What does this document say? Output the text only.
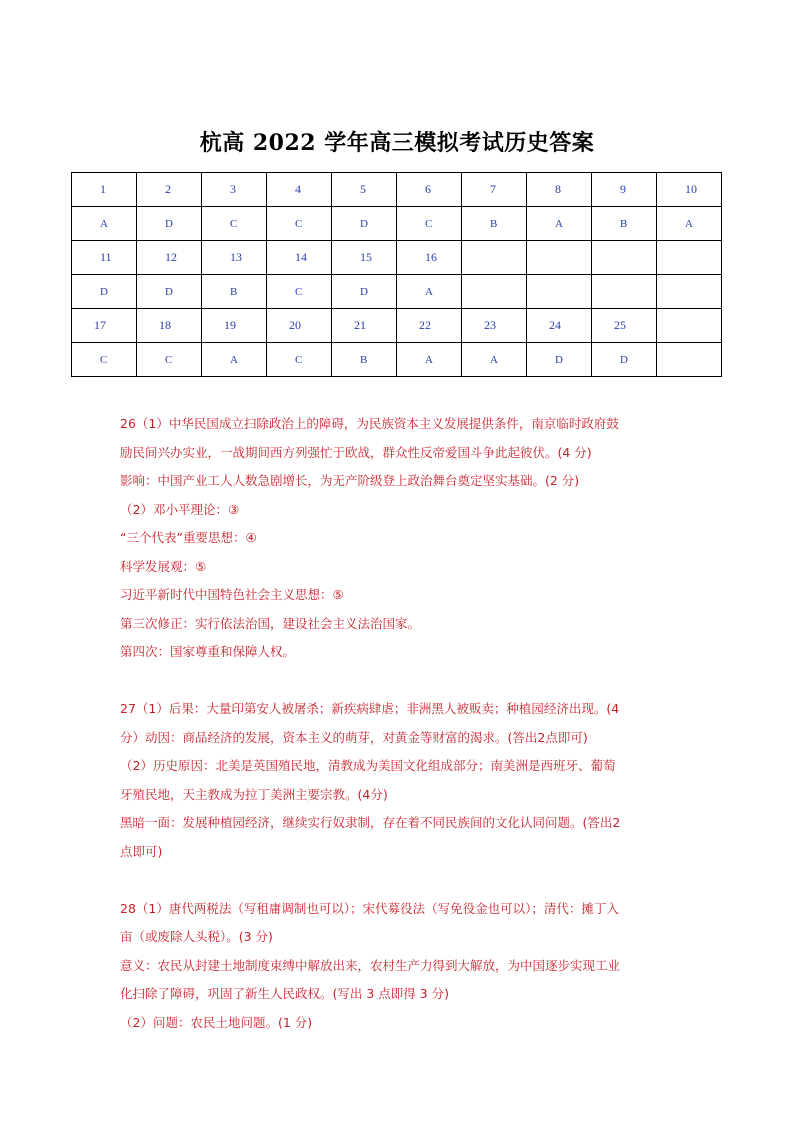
杭高 2022 学年高三模拟考试历史答案
1	2	3	4	5	6	7	8	9	10
A	D	C	C	D	C	B	A	B	A
11	12	13	14	15	16				
D	D	B	C	D	A				
17	18	19	20	21	22	23	24	25	
C	C	A	C	B	A	A	D	D	

26（1）中华民国成立扫除政治上的障碍，为民族资本主义发展提供条件，南京临时政府鼓

励民间兴办实业，一战期间西方列强忙于欧战，群众性反帝爱国斗争此起彼伏。(4 分)

影响：中国产业工人人数急剧增长，为无产阶级登上政治舞台奠定坚实基础。(2 分)

（2）邓小平理论：③

“三个代表”重要思想：④

科学发展观：⑤

习近平新时代中国特色社会主义思想：⑤

第三次修正：实行依法治国，建设社会主义法治国家。

第四次：国家尊重和保障人权。

27（1）后果：大量印第安人被屠杀；新疾病肆虐；非洲黑人被贩卖；种植园经济出现。(4

分）动因：商品经济的发展，资本主义的萌芽，对黄金等财富的渴求。(答出2点即可)

（2）历史原因：北美是英国殖民地，清教成为美国文化组成部分；南美洲是西班牙、葡萄

牙殖民地，天主教成为拉丁美洲主要宗教。(4分)

黑暗一面：发展种植园经济，继续实行奴隶制，存在着不同民族间的文化认同问题。(答出2

点即可)

28（1）唐代两税法（写租庸调制也可以）；宋代募役法（写免役金也可以）；清代：摊丁入

亩（或废除人头税）。(3 分)

意义：农民从封建土地制度束缚中解放出来，农村生产力得到大解放，为中国逐步实现工业

化扫除了障碍，巩固了新生人民政权。(写出 3 点即得 3 分)

（2）问题：农民土地问题。(1 分)
